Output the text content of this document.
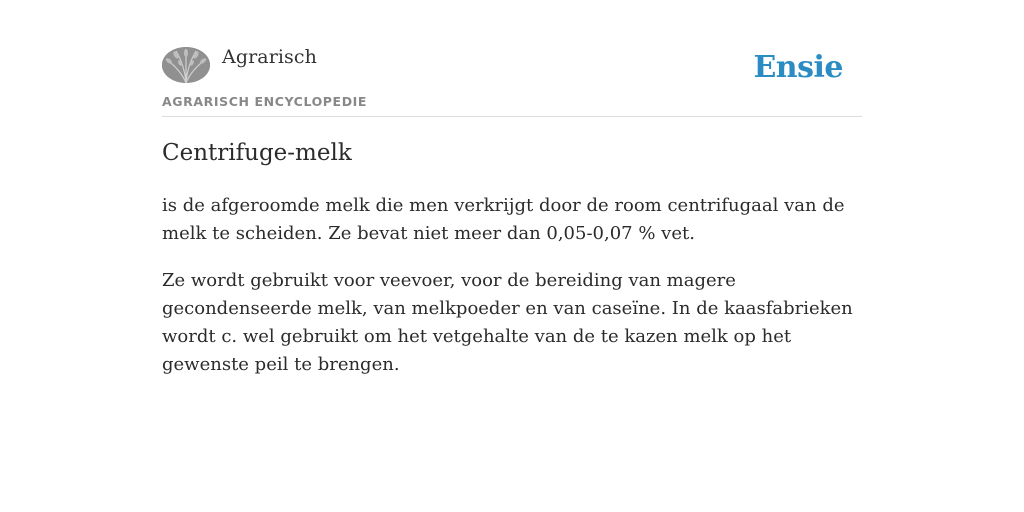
Agrarisch
AGRARISCH ENCYCLOPEDIE
Ensie
Centrifuge-melk

is de afgeroomde melk die men verkrijgt door de room centrifugaal van de melk te scheiden. Ze bevat niet meer dan 0,05-0,07 % vet.

Ze wordt gebruikt voor veevoer, voor de bereiding van magere gecondenseerde melk, van melkpoeder en van caseïne. In de kaasfabrieken wordt c. wel gebruikt om het vetgehalte van de te kazen melk op het gewenste peil te brengen.
